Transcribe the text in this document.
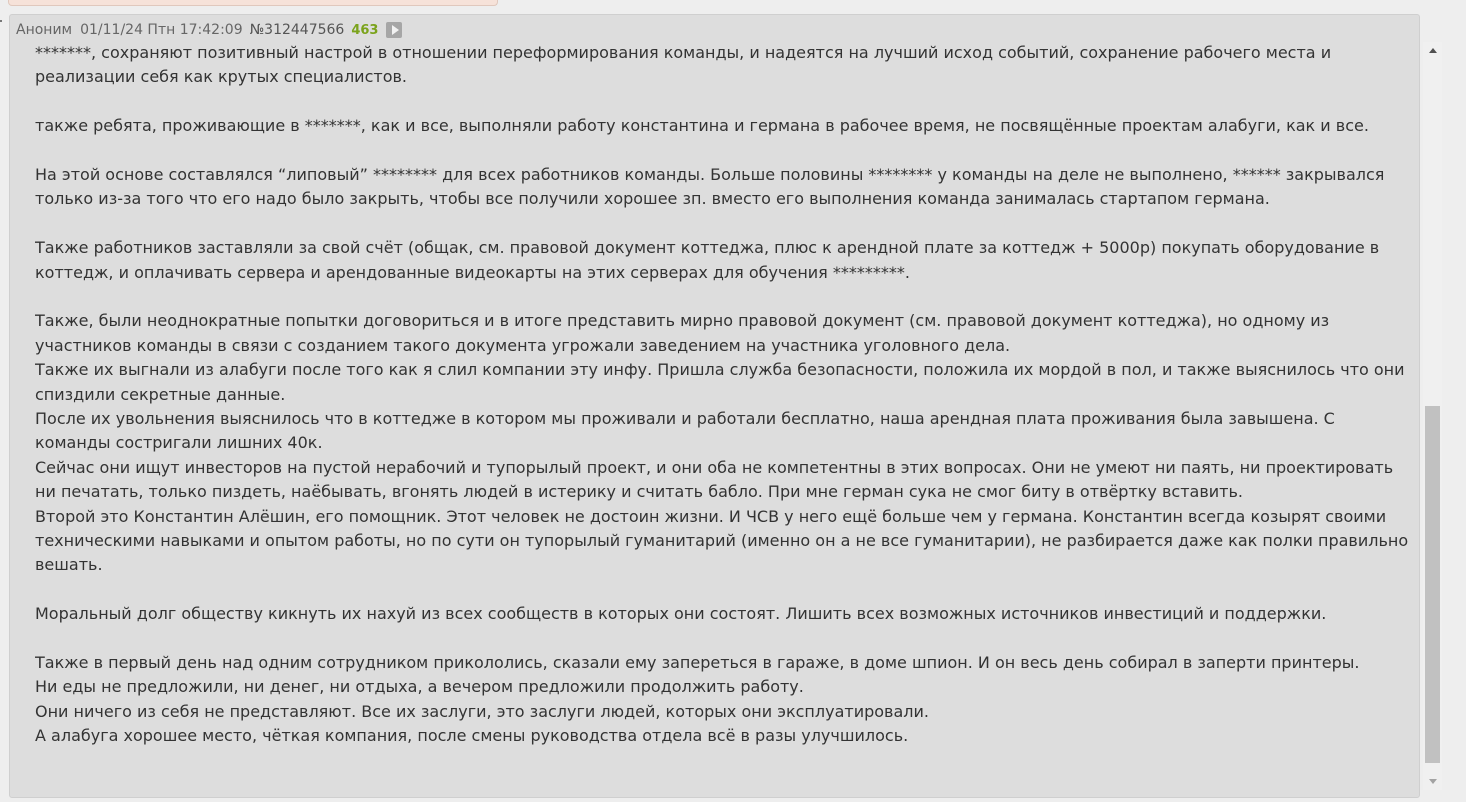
Аноним 01/11/24 Птн 17:42:09 №312447566 463

*******, сохраняют позитивный настрой в отношении переформирования команды, и надеятся на лучший исход событий, сохранение рабочего места и реализации себя как крутых специалистов.

также ребята, проживающие в *******, как и все, выполняли работу константина и германа в рабочее время, не посвящённые проектам алабуги, как и все.

На этой основе составлялся “липовый” ******** для всех работников команды. Больше половины ******** у команды на деле не выполнено, ****** закрывался только из-за того что его надо было закрыть, чтобы все получили хорошее зп. вместо его выполнения команда занималась стартапом германа.

Также работников заставляли за свой счёт (общак, см. правовой документ коттеджа, плюс к арендной плате за коттедж + 5000р) покупать оборудование в коттедж, и оплачивать сервера и арендованные видеокарты на этих серверах для обучения *********.

Также, были неоднократные попытки договориться и в итоге представить мирно правовой документ (см. правовой документ коттеджа), но одному из участников команды в связи с созданием такого документа угрожали заведением на участника уголовного дела.

Также их выгнали из алабуги после того как я слил компании эту инфу. Пришла служба безопасности, положила их мордой в пол, и также выяснилось что они спиздили секретные данные.

После их увольнения выяснилось что в коттедже в котором мы проживали и работали бесплатно, наша арендная плата проживания была завышена. С команды состригали лишних 40к.

Сейчас они ищут инвесторов на пустой нерабочий и тупорылый проект, и они оба не компетентны в этих вопросах. Они не умеют ни паять, ни проектировать ни печатать, только пиздеть, наёбывать, вгонять людей в истерику и считать бабло. При мне герман сука не смог биту в отвёртку вставить.

Второй это Константин Алёшин, его помощник. Этот человек не достоин жизни. И ЧСВ у него ещё больше чем у германа. Константин всегда козырят своими техническими навыками и опытом работы, но по сути он тупорылый гуманитарий (именно он а не все гуманитарии), не разбирается даже как полки правильно вешать.

Моральный долг обществу кикнуть их нахуй из всех сообществ в которых они состоят. Лишить всех возможных источников инвестиций и поддержки.

Также в первый день над одним сотрудником прикололись, сказали ему запереться в гараже, в доме шпион. И он весь день собирал в заперти принтеры.

Ни еды не предложили, ни денег, ни отдыха, а вечером предложили продолжить работу.

Они ничего из себя не представляют. Все их заслуги, это заслуги людей, которых они эксплуатировали.

А алабуга хорошее место, чёткая компания, после смены руководства отдела всё в разы улучшилось.
